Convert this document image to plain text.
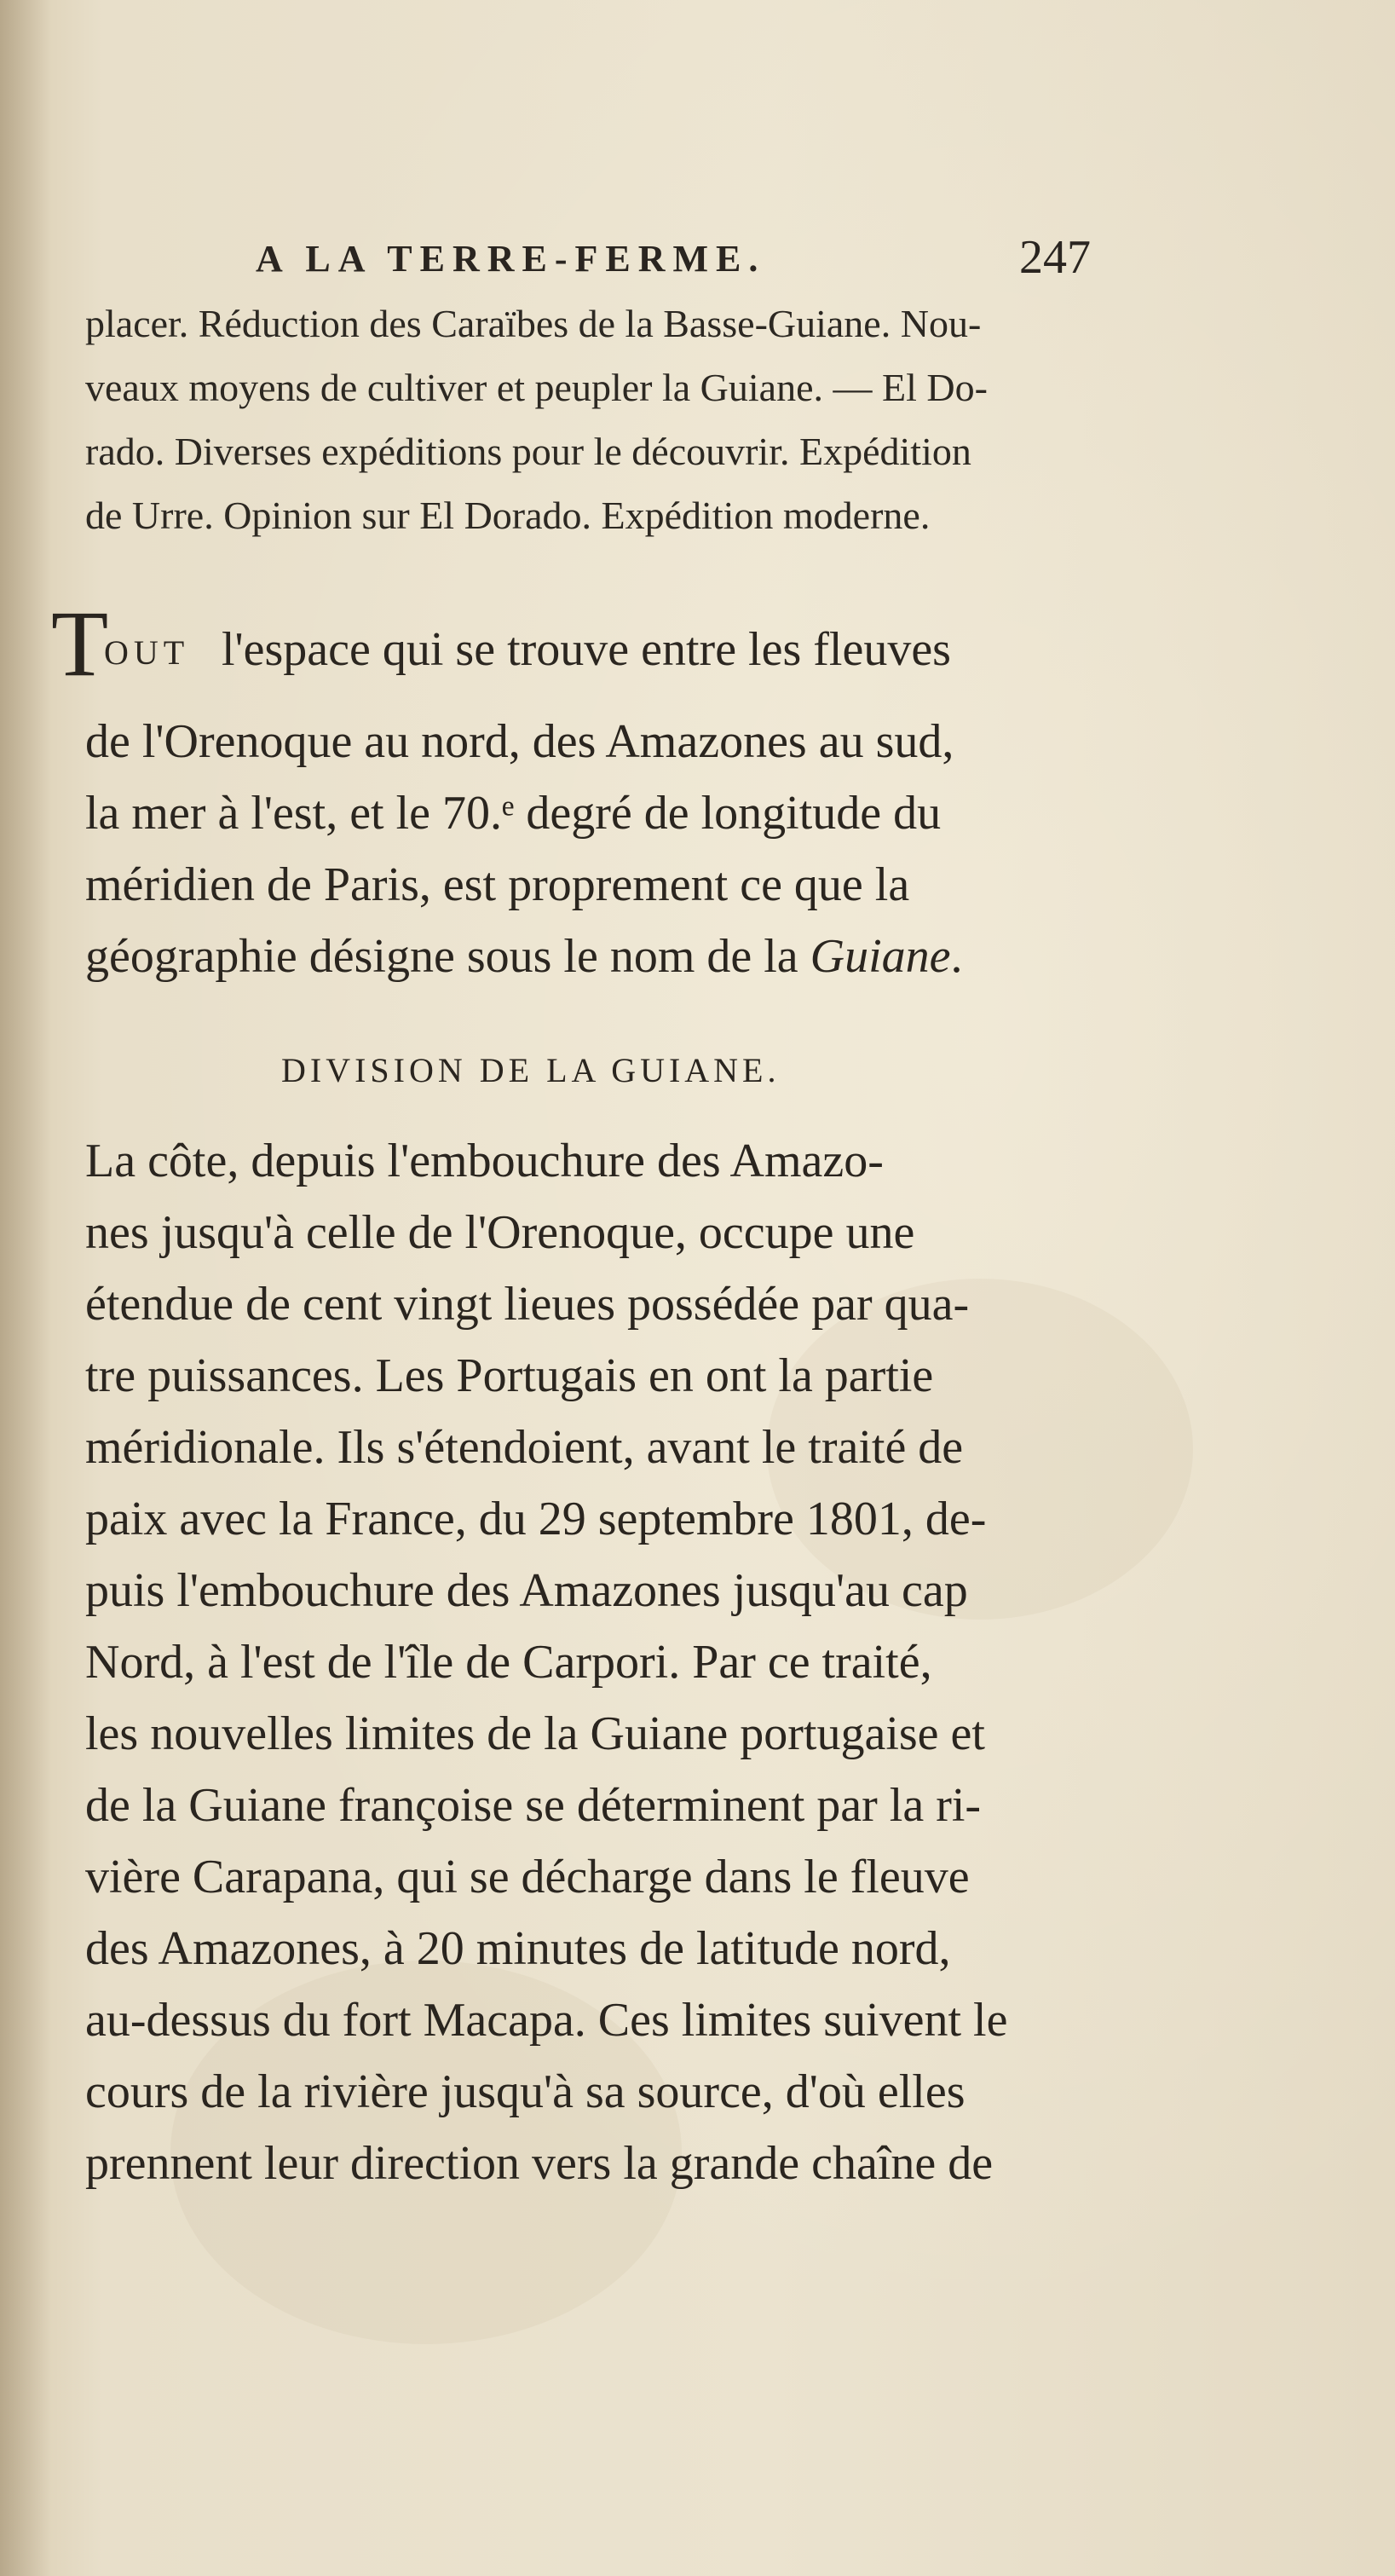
A LA TERRE-FERME.	247
placer. Réduction des Caraïbes de la Basse-Guiane. Nou-
veaux moyens de cultiver et peupler la Guiane. — El Do-
rado. Diverses expéditions pour le découvrir. Expédition
de Urre. Opinion sur El Dorado. Expédition moderne.
T
OUT l'espace qui se trouve entre les fleuves
de l'Orenoque au nord, des Amazones au sud,
la mer à l'est, et le 70.ᵉ degré de longitude du
méridien de Paris, est proprement ce que la
géographie désigne sous le nom de la Guiane.
DIVISION DE LA GUIANE.
La côte, depuis l'embouchure des Amazo-
nes jusqu'à celle de l'Orenoque, occupe une
étendue de cent vingt lieues possédée par qua-
tre puissances. Les Portugais en ont la partie
méridionale. Ils s'étendoient, avant le traité de
paix avec la France, du 29 septembre 1801, de-
puis l'embouchure des Amazones jusqu'au cap
Nord, à l'est de l'île de Carpori. Par ce traité,
les nouvelles limites de la Guiane portugaise et
de la Guiane françoise se déterminent par la ri-
vière Carapana, qui se décharge dans le fleuve
des Amazones, à 20 minutes de latitude nord,
au-dessus du fort Macapa. Ces limites suivent le
cours de la rivière jusqu'à sa source, d'où elles
prennent leur direction vers la grande chaîne de
